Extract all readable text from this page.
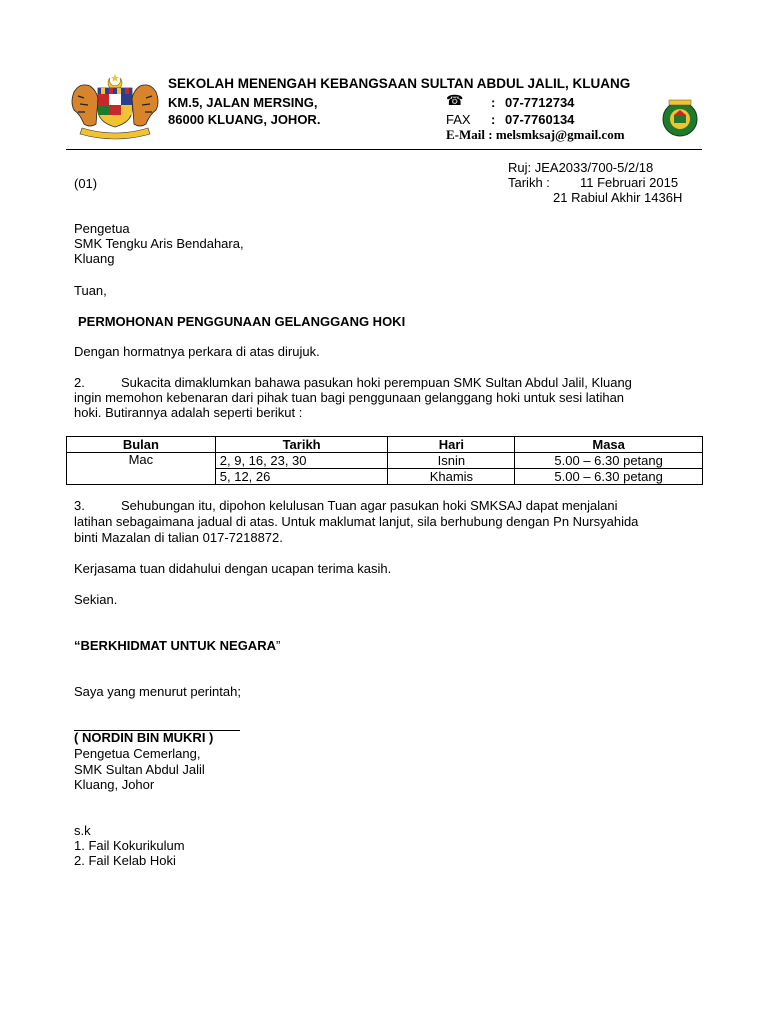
SEKOLAH MENENGAH KEBANGSAAN SULTAN ABDUL JALIL, KLUANG
KM.5, JALAN MERSING,
86000 KLUANG, JOHOR.
☎ : 07-7712734
FAX : 07-7760134
E-Mail : melsmksaj@gmail.com
(01)
Ruj: JEA2033/700-5/2/18
Tarikh : 11 Februari 2015
21 Rabiul Akhir 1436H
Pengetua
SMK Tengku Aris Bendahara,
Kluang
Tuan,
PERMOHONAN PENGGUNAAN GELANGGANG HOKI
Dengan hormatnya perkara di atas dirujuk.
2.	Sukacita dimaklumkan bahawa pasukan hoki perempuan SMK Sultan Abdul Jalil, Kluang
ingin memohon kebenaran dari pihak tuan bagi penggunaan gelanggang hoki untuk sesi latihan
hoki. Butirannya adalah seperti berikut :
Bulan	Tarikh	Hari	Masa
Mac	2, 9, 16, 23, 30	Isnin	5.00 – 6.30 petang
	5, 12, 26	Khamis	5.00 – 6.30 petang
3.	Sehubungan itu, dipohon kelulusan Tuan agar pasukan hoki SMKSAJ dapat menjalani
latihan sebagaimana jadual di atas. Untuk maklumat lanjut, sila berhubung dengan Pn Nursyahida
binti Mazalan di talian 017-7218872.
Kerjasama tuan didahului dengan ucapan terima kasih.
Sekian.
“BERKHIDMAT UNTUK NEGARA”
Saya yang menurut perintah;
( NORDIN BIN MUKRI )
Pengetua Cemerlang,
SMK Sultan Abdul Jalil
Kluang, Johor
s.k
1. Fail Kokurikulum
2. Fail Kelab Hoki
